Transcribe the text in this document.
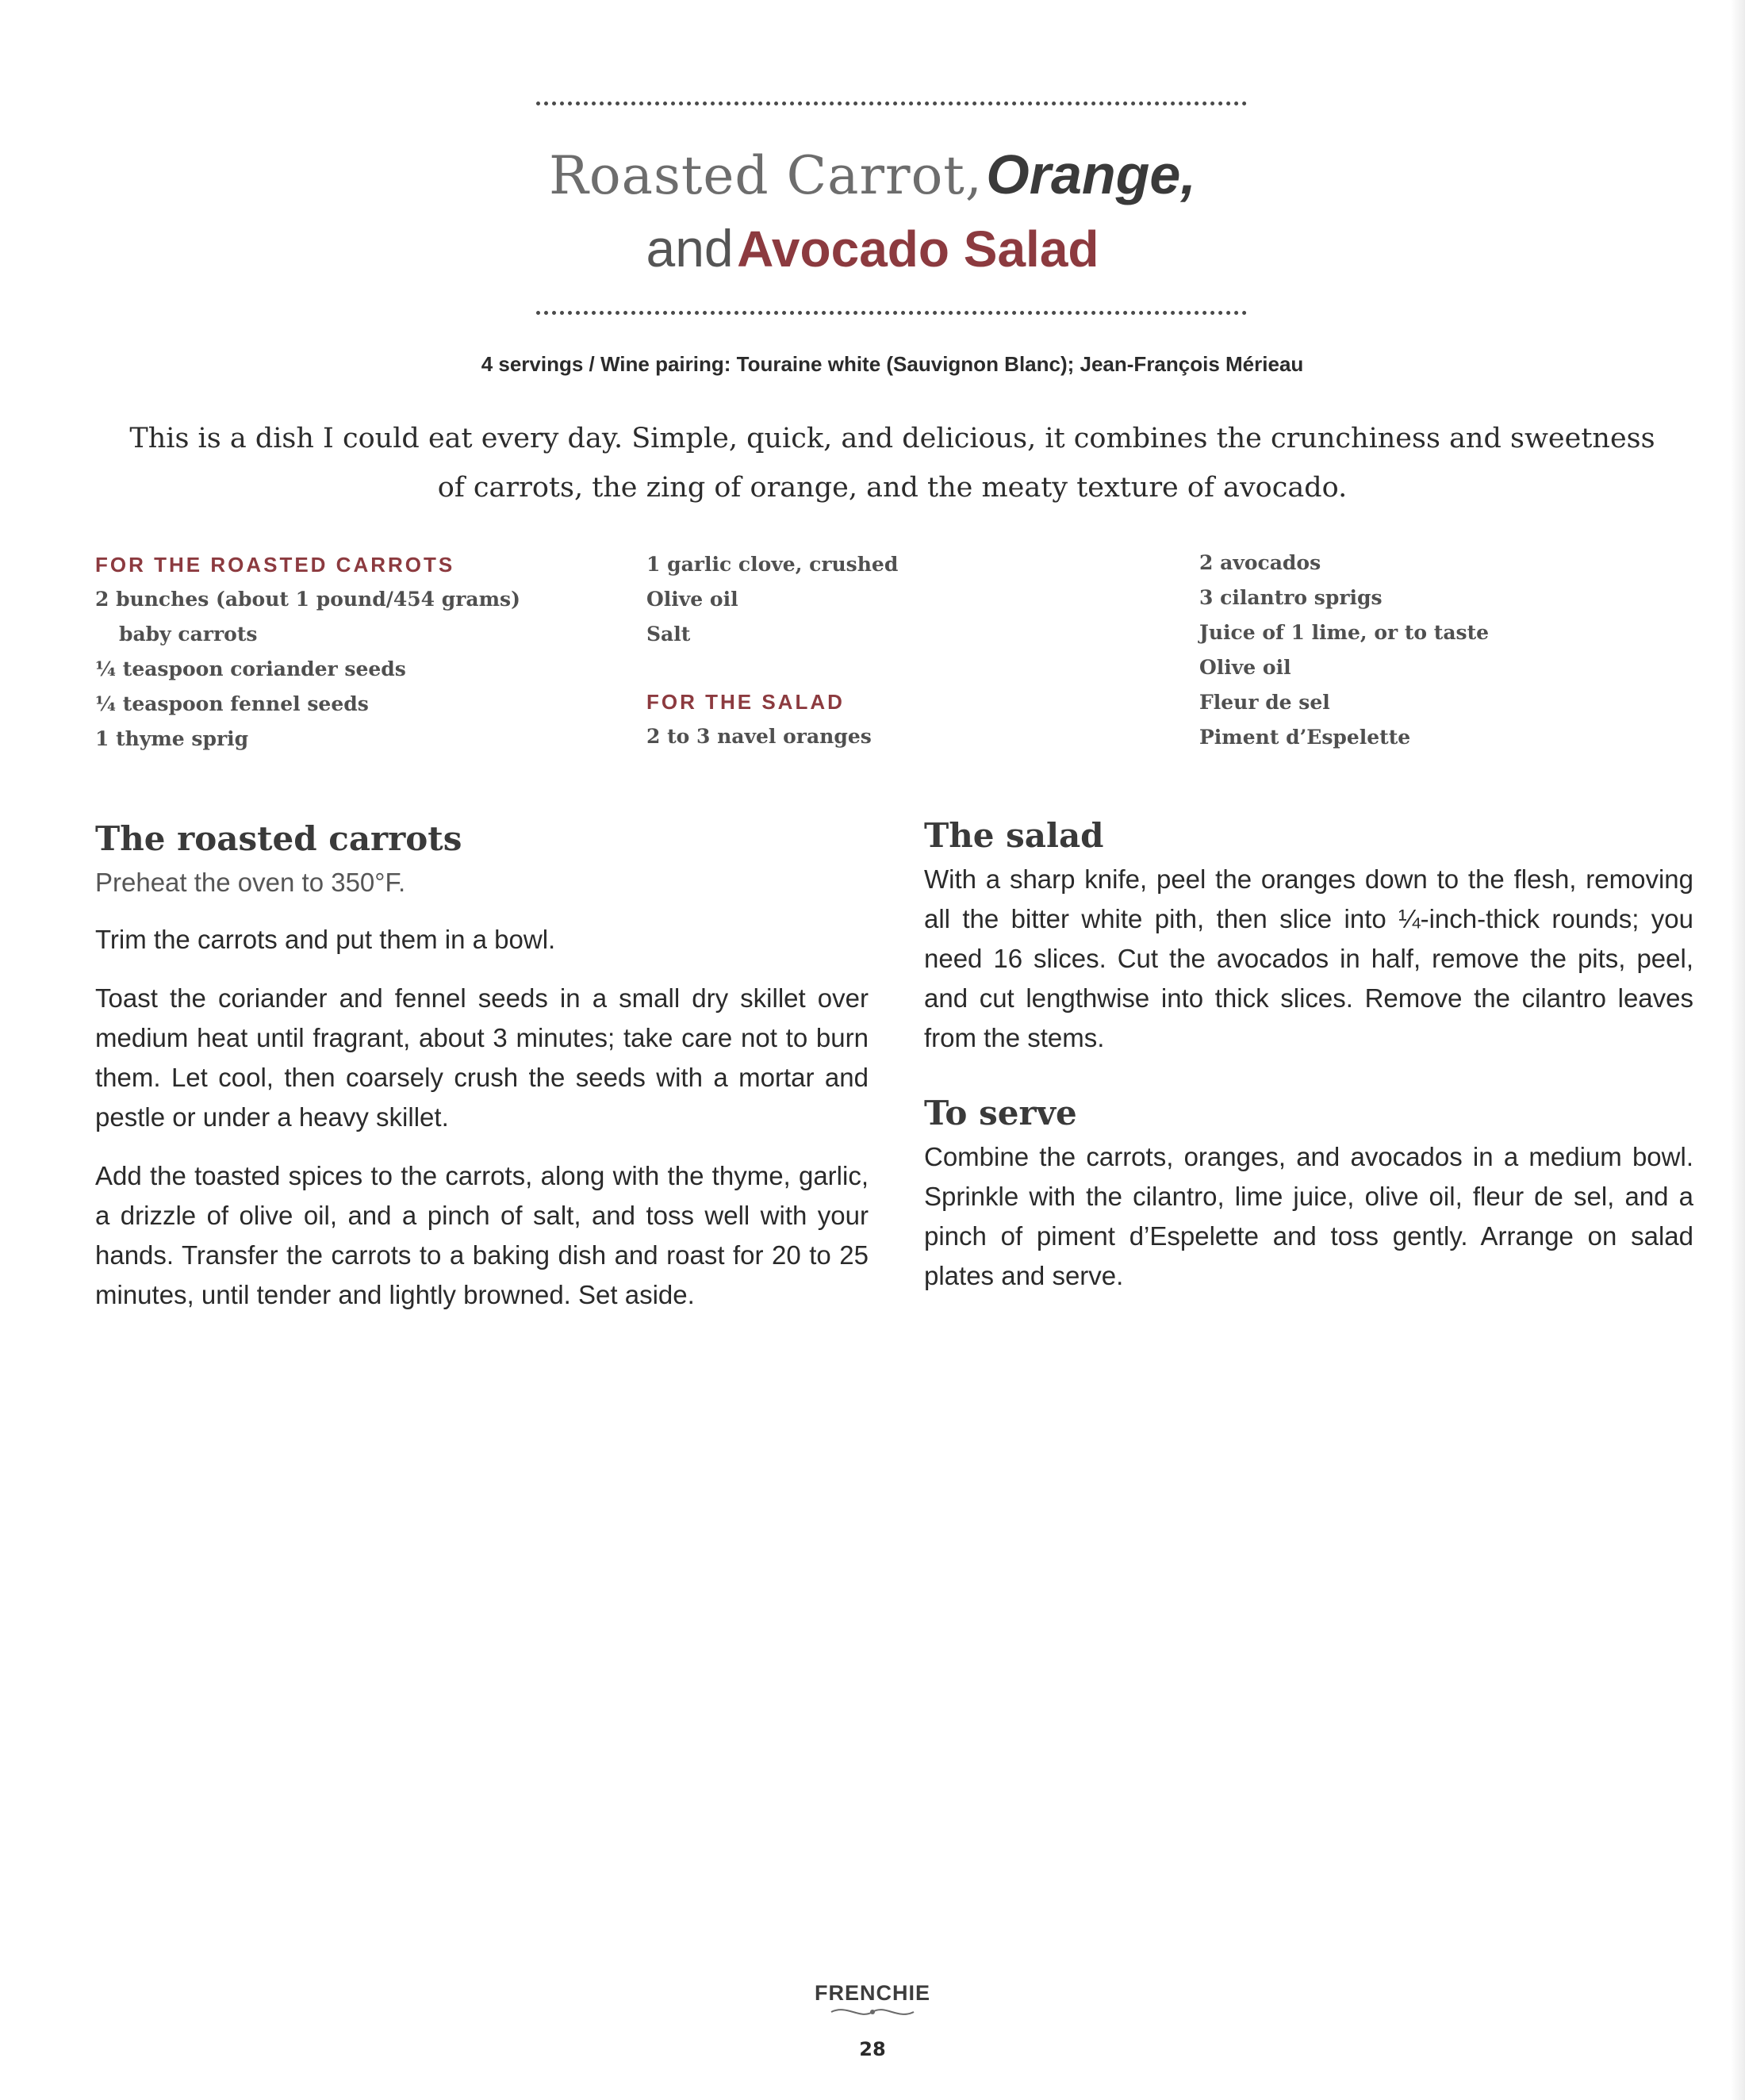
Roasted Carrot, Orange,
and Avocado Salad
4 servings / Wine pairing: Touraine white (Sauvignon Blanc); Jean-François Mérieau
This is a dish I could eat every day. Simple, quick, and delicious, it combines the crunchiness and sweetness of carrots, the zing of orange, and the meaty texture of avocado.
FOR THE ROASTED CARROTS
2 bunches (about 1 pound/454 grams)
baby carrots
¼ teaspoon coriander seeds
¼ teaspoon fennel seeds
1 thyme sprig
1 garlic clove, crushed
Olive oil
Salt
FOR THE SALAD
2 to 3 navel oranges
2 avocados
3 cilantro sprigs
Juice of 1 lime, or to taste
Olive oil
Fleur de sel
Piment d’Espelette
The roasted carrots

Preheat the oven to 350°F.

Trim the carrots and put them in a bowl.

Toast the coriander and fennel seeds in a small dry skillet over medium heat until fragrant, about 3 minutes; take care not to burn them. Let cool, then coarsely crush the seeds with a mortar and pestle or under a heavy skillet.

Add the toasted spices to the carrots, along with the thyme, garlic, a drizzle of olive oil, and a pinch of salt, and toss well with your hands. Transfer the carrots to a baking dish and roast for 20 to 25 minutes, until tender and lightly browned. Set aside.

The salad

With a sharp knife, peel the oranges down to the flesh, removing all the bitter white pith, then slice into ¼-inch-thick rounds; you need 16 slices. Cut the avocados in half, remove the pits, peel, and cut lengthwise into thick slices. Remove the cilantro leaves from the stems.

To serve

Combine the carrots, oranges, and avocados in a medium bowl. Sprinkle with the cilantro, lime juice, olive oil, fleur de sel, and a pinch of piment d’Espelette and toss gently. Arrange on salad plates and serve.

FRENCHIE
28
